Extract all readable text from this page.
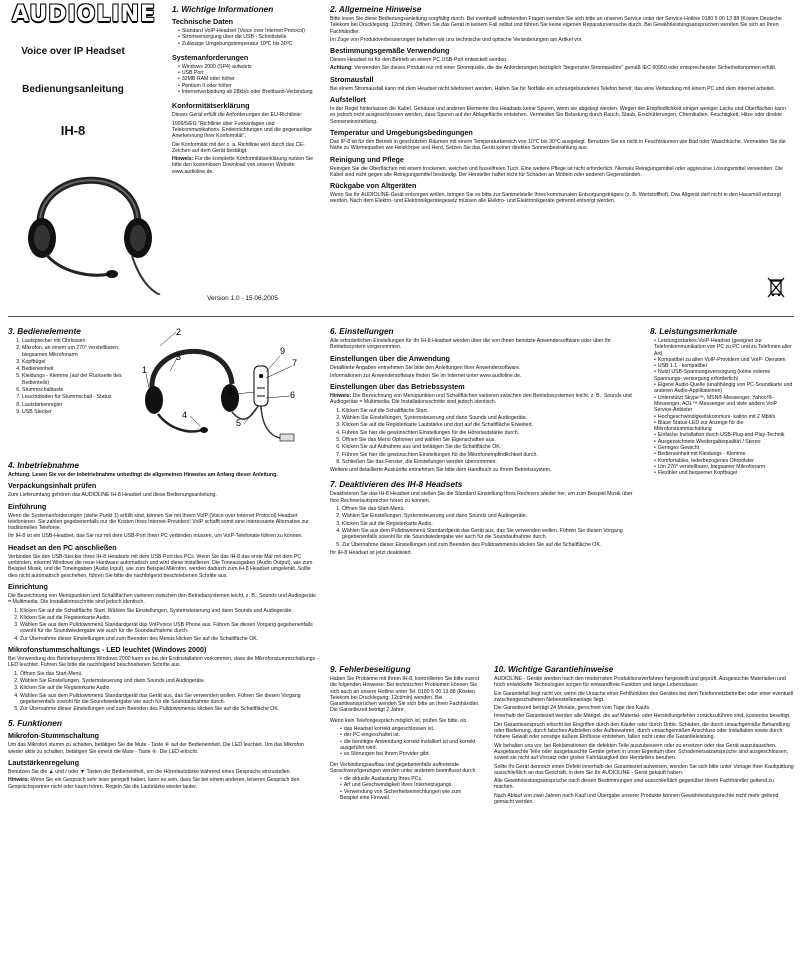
AUDIOLINE
Voice over IP Headset
Bedienungsanleitung
IH-8
Version 1.0 - 15.06.2005
1. Wichtige Informationen
Technische Daten
• Standard VoIP-Headset (Voice over Internet Protocol)
• Stromversorgung über die USB - Schnittstelle
• Zulässige Umgebungstemperatur 10ºC bis 30ºC
Systemanforderungen
• Windows 2000 (SP4) aufwärts
• USB Port
• 32MB RAM oder höher
• Pentium II oder höher
• Internetverbindung ab 28kb/s oder Breitband-Verbindung
Konformitätserklärung

Dieses Gerät erfüllt die Anforderungen der EU-Richtlinie:

1999/5/EG "Richtlinie über Funkanlagen und Telekommunikations- Endeinrichtungen und die gegenseitige Anerkennung ihrer Konformität".

Die Konformität mit der o. a. Richtlinie wird durch das CE-Zeichen auf dem Gerät bestätigt.

Hinweis: Für die komplette Konformitätserklärung nutzen Sie bitte den kostenlosen Download von unserer Website www.audioline.de.

2. Allgemeine Hinweise

Bitte lesen Sie diese Bedienungsanleitung sorgfältig durch. Bei eventuell auftretenden Fragen wenden Sie sich bitte an unseren Service unter der Service-Hotline 0180 5 00 13 88 (Kosten Deutsche Telekom bei Drucklegung: 12ct/min). Öffnen Sie das Gerät in keinem Fall selbst und führen Sie keine eigenen Reparaturversuche durch. Bei Gewährleistungsansprüchen wenden Sie sich an Ihren Fachhändler.

Im Zuge von Produktverbesserungen behalten wir uns technische und optische Veränderungen am Artikel vor.

Bestimmungsgemäße Verwendung

Dieses Headset ist für den Betrieb an einem PC USB-Port entwickelt worden.

Achtung: Verwenden Sie dieses Produkt nur mit einer Stromquelle, die die Anforderungen bezüglich "begrenzter Stromquellen" gemäß IEC 60950 oder entsprechender Sicherheitsnormen erfüllt.

Stromausfall

Bei einem Stromausfall kann mit dem Headset nicht telefoniert werden. Halten Sie für Notfälle ein schnurgebundenes Telefon bereit, das eine Verbindung mit einem PC und dem Internet arbeitet.

Aufstellort

In der Regel hinterlassen die Kabel, Gehäuse und anderen Elemente des Headsets keine Spuren, wenn sie abgelegt werden. Wegen der Empfindlichkeit einiger weniger Lacke und Oberflächen kann es jedoch nicht ausgeschlossen werden, dass Spuren auf der Ablagefläche entstehen. Vermeiden Sie Belastung durch Rauch, Staub, Erschütterungen, Chemikalien, Feuchtigkeit, Hitze oder direkte Sonneneinstrahlung.

Temperatur und Umgebungsbedingungen

Das IP-8 ist für den Betrieb in geschützten Räumen mit einem Temperaturbereich von 10°C bis 30°C ausgelegt. Benutzen Sie es nicht in Feuchträumen wie Bad oder Waschküche. Vermeiden Sie die Nähe zu Wärmequellen wie Heizkörper und Herd. Setzen Sie das Gerät keiner direkten Sonnenbestrahlung aus.

Reinigung und Pflege

Reinigen Sie die Oberflächen mit einem trockenen, weichen und fusselfreien Tuch. Eine weitere Pflege ist nicht erforderlich. Niemals Reinigungsmittel oder aggressive Lösungsmittel verwenden. Die Kabel sind nicht gegen alle Reinigungsmittel beständig. Der Hersteller haftet nicht für Schäden an Möbeln oder anderen Gegenständen.

Rückgabe von Altgeräten

Wenn Sie Ihr AUDIOLINE-Gerät entsorgen wollen, bringen Sie es bitte zur Sammelstelle Ihres kommunalen Entsorgungsträgers (z. B. Wertstoffhof). Das Altgerät darf nicht in den Hausmüll entsorgt werden. Nach dem Elektro- und Elektronikgerätegesetz müssen alle Elektro- und Elektronikgeräte getrennt entsorgt werden.

3. Bedienelemente
1. Lautsprecher mit Ohrkissen
2. Mikrofon, an einem um 270° verstellbaren, biegsamen Mikrofonarm
3. Kopfbügel
4. Bedieneinheit
5. Kleidungs - Klemme (auf der Rückseite des Bedienteils)
6. Stummschalttaste
7. Leuchtdioden für Stummschalt - Status
8. Lautstärkenregler
9. USB Stecker
2
3
1
4
9
7
8	6
5
4. Inbetriebnahme

Achtung: Lesen Sie vor der Inbetriebnahme unbedingt die allgemeinen Hinweise am Anfang dieser Anleitung.

Verpackungsinhalt prüfen

Zum Lieferumfang gehören das AUDIOLINE IH-8 Headset und diese Bedienungsanleitung.

Einführung

Wenn die Systemanforderungen (siehe Punkt 1) erfüllt sind, können Sie mit Ihrem VoIP (Voice over Internet Protocol) Headset telefonieren. Sie zahlen gegebenenfalls nur die Kosten Ihres Internet-Providers! VoIP schafft somit eine interessante Alternative zur traditionellen Telefonie.

Ihr IH-8 ist ein USB-Headset, das Sie nur mit dem USB-Port Ihren PC verbinden müssen, um VoIP-Telefonate führen zu können.

Headset an den PC anschließen

Verbinden Sie den USB-Stecker Ihres IH-8 Headsets mit dem USB-Port des PCs. Wenn Sie das IH-8 das erste Mal mit dem PC verbinden, erkennt Windows die neue Hardware automatisch und wird diese installieren. Die Toneausgaben (Audio Output), wie zum Beispiel Musik, und die Toneingaben (Audio Input), wie zum Beispiel Mikrofon, werden dadurch zum IH-8 Headset umgelenkt. Sollte dies nicht automatisch geschehen, führen Sie bitte die nachfolgend beschriebenen Schritte aus.

Einrichtung

Die Bezeichnung von Menüpunkten und Schaltflächen variieren zwischen den Betriebssystemen leicht, z. B.: Sounds und Audiogeräte = Multimedia. Die Installationsschritte sind jedoch identisch.

1. Klicken Sie auf die Schaltfläche Start. Wählen Sie Einstellungen, Systemsteuerung und dann Sounds und Audiogeräte.
2. Klicken Sie auf die Registerkarte Audio.
3. Wählen Sie aus dem Pulldownmenü Standardgerät das VoIPvoice USB Phone aus. Führen Sie diesen Vorgang gegebenenfalls sowohl für die Soundwiedergabe wie auch für die Soundaufnahme durch.
4. Zur Übernahme dieser Einstellungen und zum Beenden des Menüs klicken Sie auf die Schaltfläche OK.
Mikrofonstummschaltungs - LED leuchtet (Windows 2000)

Bei Verwendung des Betriebssystems Windows 2000 kann es bei der Erstinstallation vorkommen, dass die Mikrofonstummschaltungs - LED leuchtet. Führen Sie bitte die nachfolgend beschriebenen Schritte aus.

1. Öffnen Sie das Start-Menü.
2. Wählen Sie Einstellungen, Systemsteuerung und dann Sounds und Audiogeräte.
3. Klicken Sie auf die Registerkarte Audio.
4. Wählen Sie aus dem Pulldownmenü Standardgerät das Gerät aus, das Sie verwenden wollen. Führen Sie diesen Vorgang gegebenenfalls sowohl für die Soundwiedergabe wie auch für die Soundaufnahme durch.
5. Zur Übernahme dieser Einstellungen und zum Beenden des Pulldownmenüs klicken Sie auf die Schaltfläche OK.
5. Funktionen
Mikrofon-Stummschaltung

Um das Mikrofon stumm zu schalten, betätigen Sie die Mute - Taste ⑥ auf der Bedieneinheit. Die LED leuchtet. Um das Mikrofon wieder aktiv zu schalten, betätigen Sie erneut die Mute - Taste ⑥. Die LED erlischt.

Lautstärkenregelung

Benutzen Sie die ▲ und / oder ▼ Tasten der Bedieneinheit, um die Hörerlautstärke während eines Gesprächs einzustellen.

Hinweis: Wenn Sie ein Gespräch sehr leise geregelt haben, kann es sein, dass Sie bei einem anderen, leiseren Gespräch den Gesprächspartner nicht oder kaum hören. Regeln Sie die Lautstärke wieder lauter.

6. Einstellungen

Alle erforderlichen Einstellungen für Ihr IH-8 Headset werden über die von Ihnen benutzte Anwendersoftware oder über Ihr Betriebssystem vorgenommen.

Einstellungen über die Anwendung

Detaillierte Angaben entnehmen Sie bitte den Anleitungen Ihrer Anwendersoftware.

Informationen zur Anwendersoftware finden Sie im Internet unter www.audioline.de.

Einstellungen über das Betriebssystem

Hinweis: Die Bezeichnung von Menüpunkten und Schaltflächen variieren zwischen den Betriebssystemen leicht, z. B.: Sounds und Audiogeräte = Multimedia. Die Installationsschritte sind jedoch identisch.

1. Klicken Sie auf die Schaltfläche Start.
2. Wählen Sie Einstellungen, Systemsteuerung und dann Sounds und Audiogeräte.
3. Klicken Sie auf die Registerkarte Lautstärke und dort auf die Schaltfläche Erweitert.
4. Führen Sie hier die gewünschten Einstellungen für die Hörerlautstärke durch.
5. Öffnen Sie das Menü Optionen und wählen Sie Eigenschaften aus.
6. Klicken Sie auf Aufnahme aus und betätigen Sie die Schaltfläche OK.
7. Führen Sie hier die gewünschten Einstellungen für die Mikrofonempfindlichkeit durch.
8. Schließen Sie das Fenster, die Einstellungen werden übernommen.

Weitere und detaillierte Auskünfte entnehmen Sie bitte dem Handbuch zu Ihrem Betriebssystem.

7. Deaktivieren des IH-8 Headsets

Deaktivieren Sie das IH-8 Headset und stellen Sie die Standard Einstellung Ihres Rechners wieder her, um zum Beispiel Musik über Ihre Rechnerlautsprecher hören zu können.

1. Öffnen Sie das Start-Menü.
2. Wählen Sie Einstellungen, Systemsteuerung und dann Sounds und Audiogeräte.
3. Klicken Sie auf die Registerkarte Audio.
4. Wählen Sie aus dem Pulldownmenü Standardgerät das Gerät aus, das Sie verwenden wollen. Führen Sie diesen Vorgang gegebenenfalls sowohl für die Soundwiedergabe wie auch für die Soundaufnahme durch.
5. Zur Übernahme dieser Einstellungen und zum Beenden des Pulldownmenüs klicken Sie auf die Schaltfläche OK.

Ihr IH-8 Headset ist jetzt deaktiviert.

8. Leistungsmerkmale
• Leistungsstarkes VoIP-Headset (geeignet zur Telefonkommunikation von PC zu PC und zu Telefonen aller Art)
• Kompatibel zu allen VoIP-Providern und VoIP- Diensten
• USB 1.1 - kompatibel
• Nutzt USB-Spannungsversorgung (keine externe Spannungs- versorgung erforderlich)
• Eigene Audio-Quelle (unabhängig von PC-Soundkarte und anderen Audio-Applikationen)
• Unterstützt Skype™, MSN®-Messenger, Yahoo!®-Messenger, AOL™-Messenger und viele andere VoIP Service-Anbieter
• Hochgeschwindigkeitskommuni- kation mit 2 Mbit/s
• Blaue Status-LED zur Anzeige für die Mikrofonstummschaltung
• Einfache Installation durch USB-Plug-and-Play-Technik
• Ausgezeichnete Wiedergabequalität / Stereo
• Geringes Gewicht
• Bedieneinheit mit Kleidungs - Klemme
• Komfortables, lederbezogenes Ohrpolster
• Um 270° verstellbarer, biegsamer Mikrofonarm
• Flexibler und bequemer Kopfbügel
9. Fehlerbeseitigung

Haben Sie Probleme mit Ihrem IH-8, kontrollieren Sie bitte zuerst die folgenden Hinweise. Bei technischen Problemen können Sie sich auch an unsere Hotline unter Tel. 0180 5 00 13 88 (Kosten Telekom bei Drucklegung: 12ct/min) wenden. Bei Garantieansprüchen wenden Sie sich bitte an Ihren Fachhändler. Die Garantiezeit beträgt 2 Jahre.

Wenn kein Telefongespräch möglich ist, prüfen Sie bitte, ob

• das Headset korrekt angeschlossen ist.
• der PC eingeschaltet ist.
• die benötigte Anwendung korrekt installiert ist und korrekt ausgeführt wird.
• es Störungen bei Ihrem Provider gibt.

Der Verbindungsaufbau und gegebenenfalls auftretende Sprachverzögerungen werden unter anderem beeinflusst durch

• die aktuelle Auslastung Ihres PCs.
• Art und Geschwindigkeit Ihres Internetzugangs.
• Verwendung von Sicherheitseinrichtungen wie zum Beispiel eine Firewall.
10. Wichtige Garantiehinweise

AUDIOLINE - Geräte werden nach den modernsten Produktionsverfahren hergestellt und geprüft. Ausgesuchte Materialien und hoch entwickelte Technologien sorgen für einwandfreie Funktion und lange Lebensdauer.

Ein Garantiefall liegt nicht vor, wenn die Ursache einer Fehlfunktion des Gerätes bei dem Telefonnetzbetreiber oder einer eventuell zwischengeschalteten Nebenstellenanlage liegt.

Die Garantiezeit beträgt 24 Monate, gerechnet vom Tage des Kaufs.

Innerhalb der Garantiezeit werden alle Mängel, die auf Material- oder Herstellungsfehler zurückzuführen sind, kostenlos beseitigt.

Der Garantieanspruch erlischt bei Eingriffen durch den Käufer oder durch Dritte. Schäden, die durch unsachgemäße Behandlung oder Bedienung, durch falsches Aufstellen oder Aufbewahren, durch unsachgemäßen Anschluss oder Installation sowie durch höhere Gewalt oder sonstige äußere Einflüsse entstehen, fallen nicht unter die Garantieleistung.

Wir behalten uns vor, bei Reklamationen die defekten Teile auszubessern oder zu ersetzen oder das Gerät auszutauschen. Ausgetauschte Teile oder ausgetauschte Geräte gehen in unser Eigentum über. Schadenersatzansprüche sind ausgeschlossen, soweit sie nicht auf Vorsatz oder grober Fahrlässigkeit des Herstellers beruhen.

Sollte Ihr Gerät dennoch einen Defekt innerhalb der Garantiezeit aufweisen, wenden Sie sich bitte unter Vorlage Ihrer Kaufquittung ausschließlich an das Geschäft, in dem Sie Ihr AUDIOLINE - Gerät gekauft haben.

Alle Gewährleistungsansprüche nach diesen Bestimmungen sind ausschließlich gegenüber Ihrem Fachhändler geltend zu machen.

Nach Ablauf von zwei Jahren nach Kauf und Übergabe unserer Produkte können Gewährleistungsrechte nicht mehr geltend gemacht werden.
